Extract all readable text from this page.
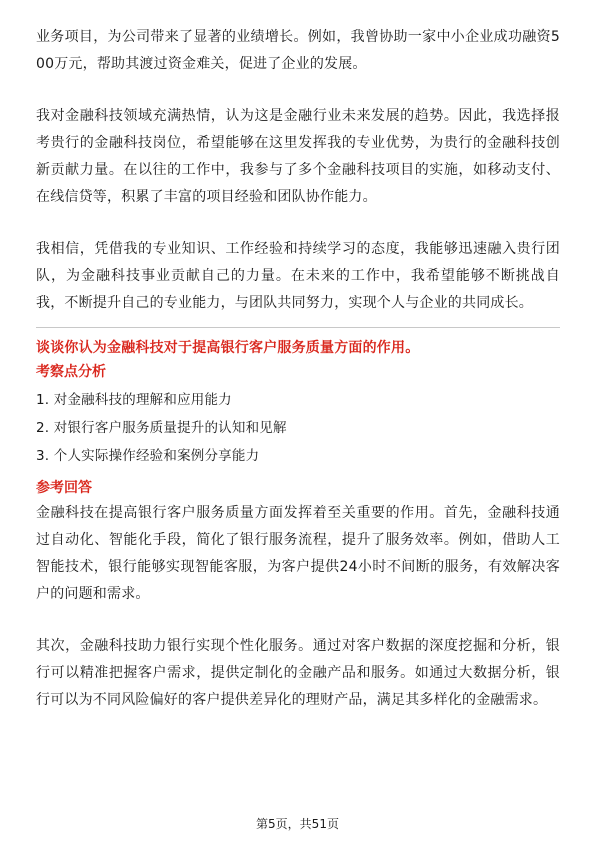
业务项目，为公司带来了显著的业绩增长。例如，我曾协助一家中小企业成功融资500万元，帮助其渡过资金难关，促进了企业的发展。

我对金融科技领域充满热情，认为这是金融行业未来发展的趋势。因此，我选择报考贵行的金融科技岗位，希望能够在这里发挥我的专业优势，为贵行的金融科技创新贡献力量。在以往的工作中，我参与了多个金融科技项目的实施，如移动支付、在线信贷等，积累了丰富的项目经验和团队协作能力。

我相信，凭借我的专业知识、工作经验和持续学习的态度，我能够迅速融入贵行团队，为金融科技事业贡献自己的力量。在未来的工作中，我希望能够不断挑战自我，不断提升自己的专业能力，与团队共同努力，实现个人与企业的共同成长。

谈谈你认为金融科技对于提高银行客户服务质量方面的作用。

考察点分析

1. 对金融科技的理解和应用能力
2. 对银行客户服务质量提升的认知和见解
3. 个人实际操作经验和案例分享能力

参考回答

金融科技在提高银行客户服务质量方面发挥着至关重要的作用。首先，金融科技通过自动化、智能化手段，简化了银行服务流程，提升了服务效率。例如，借助人工智能技术，银行能够实现智能客服，为客户提供24小时不间断的服务，有效解决客户的问题和需求。

其次，金融科技助力银行实现个性化服务。通过对客户数据的深度挖掘和分析，银行可以精准把握客户需求，提供定制化的金融产品和服务。如通过大数据分析，银行可以为不同风险偏好的客户提供差异化的理财产品，满足其多样化的金融需求。

第5页，共51页
